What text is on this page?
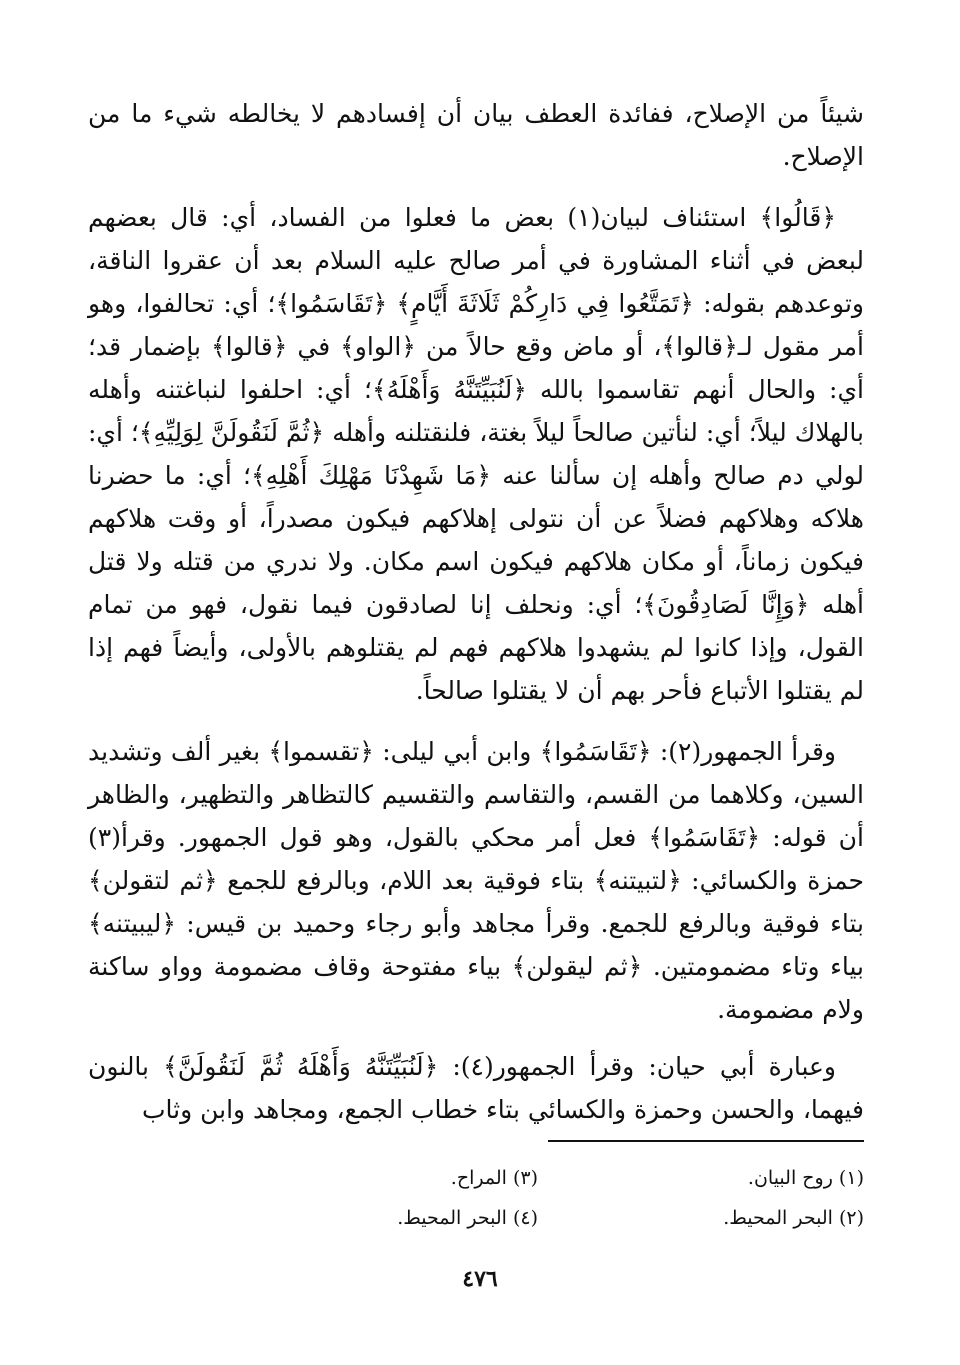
شيئاً من الإصلاح، ففائدة العطف بيان أن إفسادهم لا يخالطه شيء ما من الإصلاح.

﴿قَالُوا﴾ استئناف لبيان(١) بعض ما فعلوا من الفساد، أي: قال بعضهم لبعض في أثناء المشاورة في أمر صالح عليه السلام بعد أن عقروا الناقة، وتوعدهم بقوله: ﴿تَمَتَّعُوا فِي دَارِكُمْ ثَلَاثَةَ أَيَّامٍ﴾ ﴿تَقَاسَمُوا﴾؛ أي: تحالفوا، وهو أمر مقول لـ﴿قالوا﴾، أو ماض وقع حالاً من ﴿الواو﴾ في ﴿قالوا﴾ بإضمار قد؛ أي: والحال أنهم تقاسموا بالله ﴿لَنُبَيِّتَنَّهُ وَأَهْلَهُ﴾؛ أي: احلفوا لنباغتنه وأهله بالهلاك ليلاً؛ أي: لنأتين صالحاً ليلاً بغتة، فلنقتلنه وأهله ﴿ثُمَّ لَنَقُولَنَّ لِوَلِيِّهِ﴾؛ أي: لولي دم صالح وأهله إن سألنا عنه ﴿مَا شَهِدْنَا مَهْلِكَ أَهْلِهِ﴾؛ أي: ما حضرنا هلاكه وهلاكهم فضلاً عن أن نتولى إهلاكهم فيكون مصدراً، أو وقت هلاكهم فيكون زماناً، أو مكان هلاكهم فيكون اسم مكان. ولا ندري من قتله ولا قتل أهله ﴿وَإِنَّا لَصَادِقُونَ﴾؛ أي: ونحلف إنا لصادقون فيما نقول، فهو من تمام القول، وإذا كانوا لم يشهدوا هلاكهم فهم لم يقتلوهم بالأولى، وأيضاً فهم إذا لم يقتلوا الأتباع فأحر بهم أن لا يقتلوا صالحاً.

وقرأ الجمهور(٢): ﴿تَقَاسَمُوا﴾ وابن أبي ليلى: ﴿تقسموا﴾ بغير ألف وتشديد السين، وكلاهما من القسم، والتقاسم والتقسيم كالتظاهر والتظهير، والظاهر أن قوله: ﴿تَقَاسَمُوا﴾ فعل أمر محكي بالقول، وهو قول الجمهور. وقرأ(٣) حمزة والكسائي: ﴿لتبيتنه﴾ بتاء فوقية بعد اللام، وبالرفع للجمع ﴿ثم لتقولن﴾ بتاء فوقية وبالرفع للجمع. وقرأ مجاهد وأبو رجاء وحميد بن قيس: ﴿ليبيتنه﴾ بياء وتاء مضمومتين. ﴿ثم ليقولن﴾ بياء مفتوحة وقاف مضمومة وواو ساكنة ولام مضمومة.

وعبارة أبي حيان: وقرأ الجمهور(٤): ﴿لَنُبَيِّتَنَّهُ وَأَهْلَهُ ثُمَّ لَنَقُولَنَّ﴾ بالنون فيهما، والحسن وحمزة والكسائي بتاء خطاب الجمع، ومجاهد وابن وثاب

(١) روح البيان.
(٣) المراح.
(٢) البحر المحيط.
(٤) البحر المحيط.
٤٧٦
